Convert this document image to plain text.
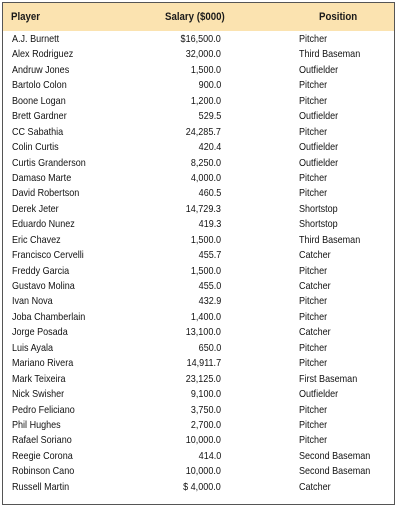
Player	Salary ($000)	Position
A.J. Burnett	$16,500.0	Pitcher
Alex Rodriguez	32,000.0	Third Baseman
Andruw Jones	1,500.0	Outfielder
Bartolo Colon	900.0	Pitcher
Boone Logan	1,200.0	Pitcher
Brett Gardner	529.5	Outfielder
CC Sabathia	24,285.7	Pitcher
Colin Curtis	420.4	Outfielder
Curtis Granderson	8,250.0	Outfielder
Damaso Marte	4,000.0	Pitcher
David Robertson	460.5	Pitcher
Derek Jeter	14,729.3	Shortstop
Eduardo Nunez	419.3	Shortstop
Eric Chavez	1,500.0	Third Baseman
Francisco Cervelli	455.7	Catcher
Freddy Garcia	1,500.0	Pitcher
Gustavo Molina	455.0	Catcher
Ivan Nova	432.9	Pitcher
Joba Chamberlain	1,400.0	Pitcher
Jorge Posada	13,100.0	Catcher
Luis Ayala	650.0	Pitcher
Mariano Rivera	14,911.7	Pitcher
Mark Teixeira	23,125.0	First Baseman
Nick Swisher	9,100.0	Outfielder
Pedro Feliciano	3,750.0	Pitcher
Phil Hughes	2,700.0	Pitcher
Rafael Soriano	10,000.0	Pitcher
Reegie Corona	414.0	Second Baseman
Robinson Cano	10,000.0	Second Baseman
Russell Martin	$ 4,000.0	Catcher
